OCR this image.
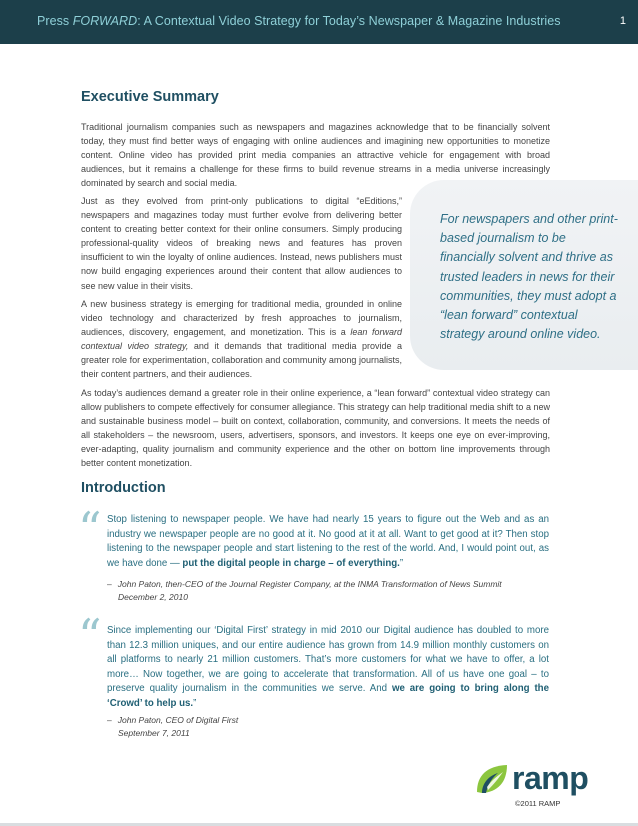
Press FORWARD: A Contextual Video Strategy for Today’s Newspaper & Magazine Industries	1
Executive Summary

Traditional journalism companies such as newspapers and magazines acknowledge that to be financially solvent today, they must find better ways of engaging with online audiences and imagining new opportunities to monetize content. Online video has provided print media companies an attractive vehicle for engagement with broad audiences, but it remains a challenge for these firms to build revenue streams in a media universe increasingly dominated by search and social media.

Just as they evolved from print-only publications to digital “eEditions,” newspapers and magazines today must further evolve from delivering better content to creating better context for their online consumers. Simply producing professional-quality videos of breaking news and features has proven insufficient to win the loyalty of online audiences. Instead, news publishers must now build engaging experiences around their content that allow audiences to see new value in their visits.

A new business strategy is emerging for traditional media, grounded in online video technology and characterized by fresh approaches to journalism, audiences, discovery, engagement, and monetization. This is a lean forward contextual video strategy, and it demands that traditional media provide a greater role for experimentation, collaboration and community among journalists, their content partners, and their audiences.

For newspapers and other print-based journalism to be financially solvent and thrive as trusted leaders in news for their communities, they must adopt a “lean forward” contextual strategy around online video.

As today’s audiences demand a greater role in their online experience, a “lean forward” contextual video strategy can allow publishers to compete effectively for consumer allegiance. This strategy can help traditional media shift to a new and sustainable business model – built on context, collaboration, community, and conversions. It meets the needs of all stakeholders – the newsroom, users, advertisers, sponsors, and investors. It keeps one eye on ever-improving, ever-adapting, quality journalism and community experience and the other on bottom line improvements through better content monetization.

Introduction
“ Stop listening to newspaper people. We have had nearly 15 years to figure out the Web and as an industry we newspaper people are no good at it. No good at it at all. Want to get good at it? Then stop listening to the newspaper people and start listening to the rest of the world. And, I would point out, as we have done — put the digital people in charge – of everything.”

– John Paton, then-CEO of the Journal Register Company, at the INMA Transformation of News Summit
December 2, 2010
“ Since implementing our ‘Digital First’ strategy in mid 2010 our Digital audience has doubled to more than 12.3 million uniques, and our entire audience has grown from 14.9 million monthly customers on all platforms to nearly 21 million customers. That’s more customers for what we have to offer, a lot more… Now together, we are going to accelerate that transformation. All of us have one goal – to preserve quality journalism in the communities we serve. And we are going to bring along the ‘Crowd’ to help us.”

– John Paton, CEO of Digital First
September 7, 2011
ramp
©2011 RAMP
